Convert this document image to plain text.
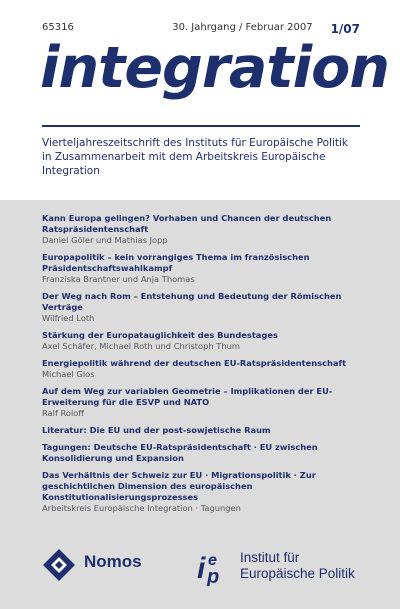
65316	30. Jahrgang / Februar 2007 1/07
integration
Vierteljahreszeitschrift des Instituts für Europäische Politik
in Zusammenarbeit mit dem Arbeitskreis Europäische Integration
Kann Europa gelingen? Vorhaben und Chancen der deutschen Ratspräsidentenschaft
Daniel Göler und Mathias Jopp
Europapolitik – kein vorrangiges Thema im französischen Präsidentschaftswahlkampf
Franziska Brantner und Anja Thomas
Der Weg nach Rom – Entstehung und Bedeutung der Römischen Verträge
Wilfried Loth
Stärkung der Europatauglichkeit des Bundestages
Axel Schäfer, Michael Roth und Christoph Thum
Energiepolitik während der deutschen EU-Ratspräsidentenschaft
Michael Glos
Auf dem Weg zur variablen Geometrie – Implikationen der EU-Erweiterung für die ESVP und NATO
Ralf Roloff
Literatur: Die EU und der post-sowjetische Raum
Tagungen: Deutsche EU-Ratspräsidentschaft · EU zwischen Konsolidierung und Expansion
Das Verhältnis der Schweiz zur EU · Migrationspolitik · Zur geschichtlichen Dimension des europäischen Konstitutionalisierungsprozesses
Arbeitskreis Europäische Integration · Tagungen
Nomos i e
p
Institut für
Europäische Politik
